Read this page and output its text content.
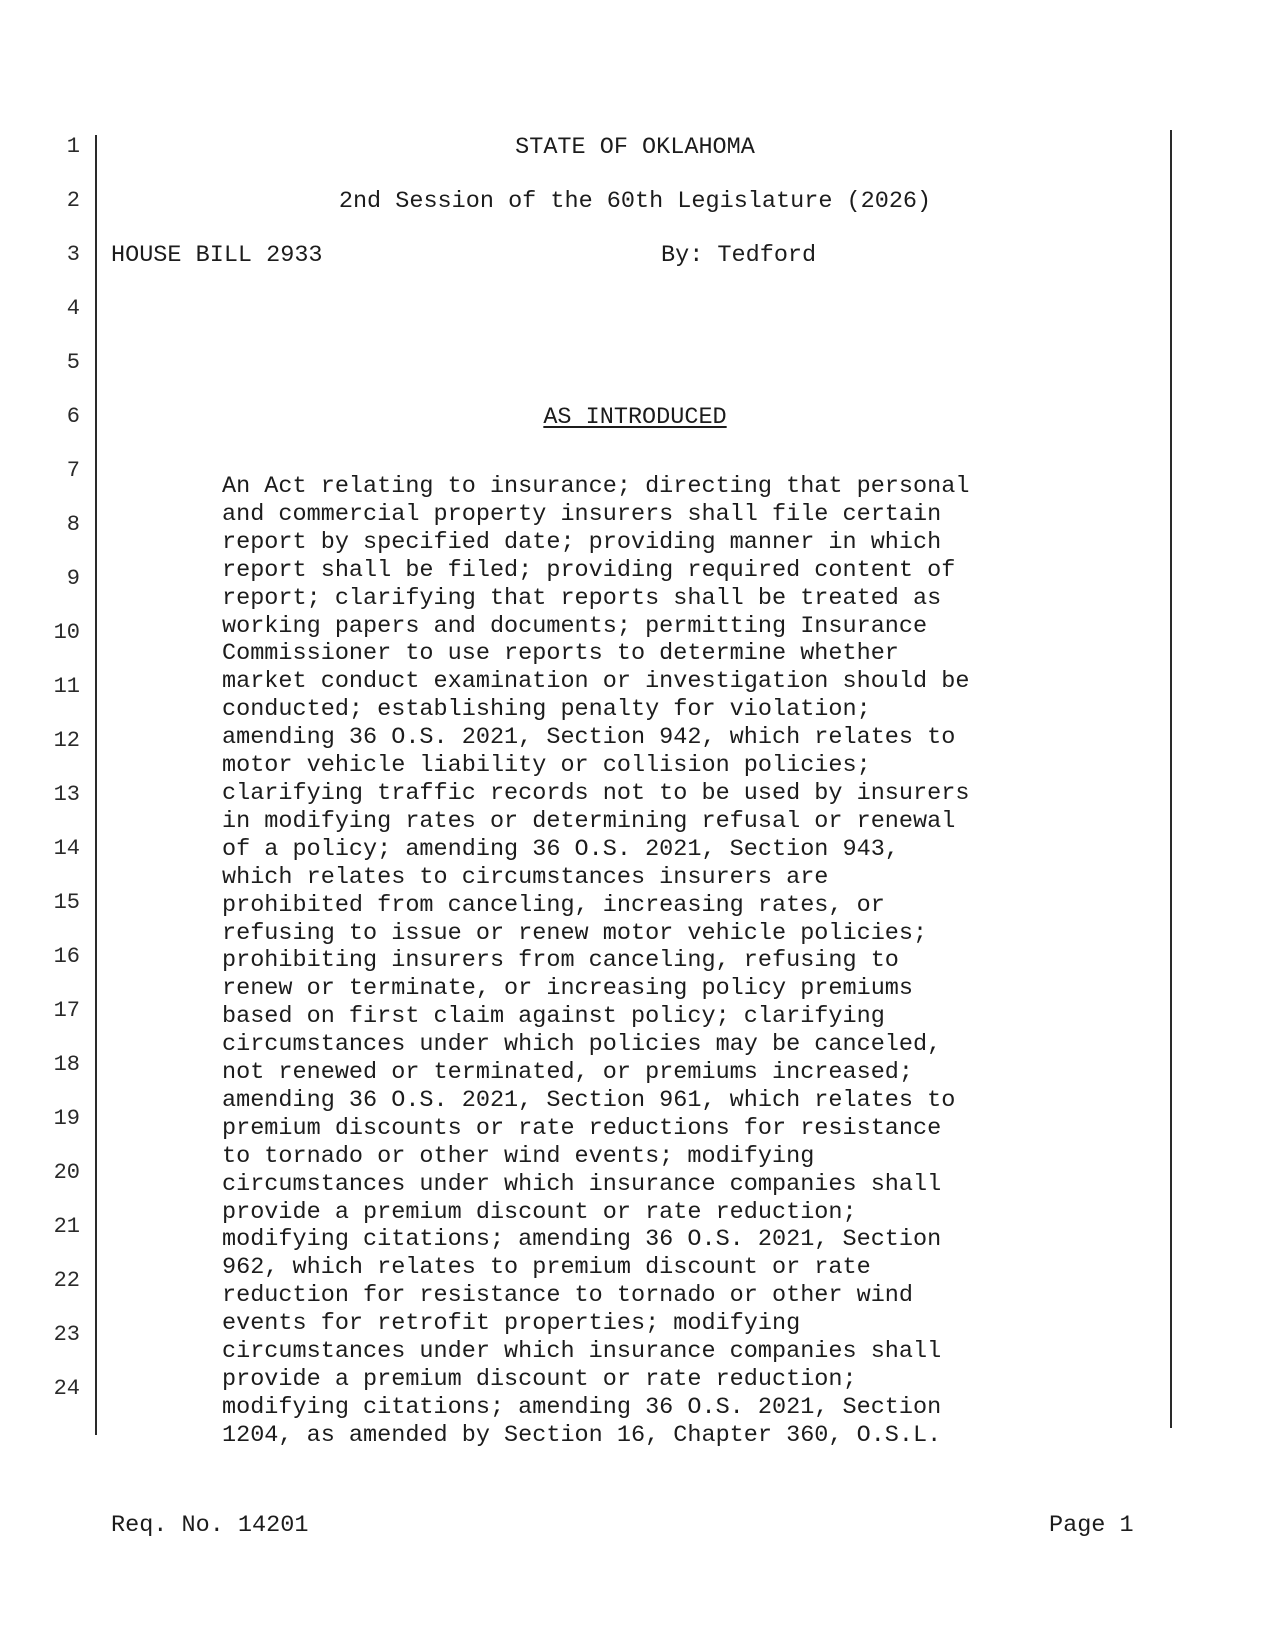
1
2
3
4
5
6
7
8
9
10
11
12
13
14
15
16
17
18
19
20
21
22
23
24
STATE OF OKLAHOMA
2nd Session of the 60th Legislature (2026)
HOUSE BILL 2933	By: Tedford
AS INTRODUCED
An Act relating to insurance; directing that personal
and commercial property insurers shall file certain
report by specified date; providing manner in which
report shall be filed; providing required content of
report; clarifying that reports shall be treated as
working papers and documents; permitting Insurance
Commissioner to use reports to determine whether
market conduct examination or investigation should be
conducted; establishing penalty for violation;
amending 36 O.S. 2021, Section 942, which relates to
motor vehicle liability or collision policies;
clarifying traffic records not to be used by insurers
in modifying rates or determining refusal or renewal
of a policy; amending 36 O.S. 2021, Section 943,
which relates to circumstances insurers are
prohibited from canceling, increasing rates, or
refusing to issue or renew motor vehicle policies;
prohibiting insurers from canceling, refusing to
renew or terminate, or increasing policy premiums
based on first claim against policy; clarifying
circumstances under which policies may be canceled,
not renewed or terminated, or premiums increased;
amending 36 O.S. 2021, Section 961, which relates to
premium discounts or rate reductions for resistance
to tornado or other wind events; modifying
circumstances under which insurance companies shall
provide a premium discount or rate reduction;
modifying citations; amending 36 O.S. 2021, Section
962, which relates to premium discount or rate
reduction for resistance to tornado or other wind
events for retrofit properties; modifying
circumstances under which insurance companies shall
provide a premium discount or rate reduction;
modifying citations; amending 36 O.S. 2021, Section
1204, as amended by Section 16, Chapter 360, O.S.L.
Req. No. 14201	Page 1
